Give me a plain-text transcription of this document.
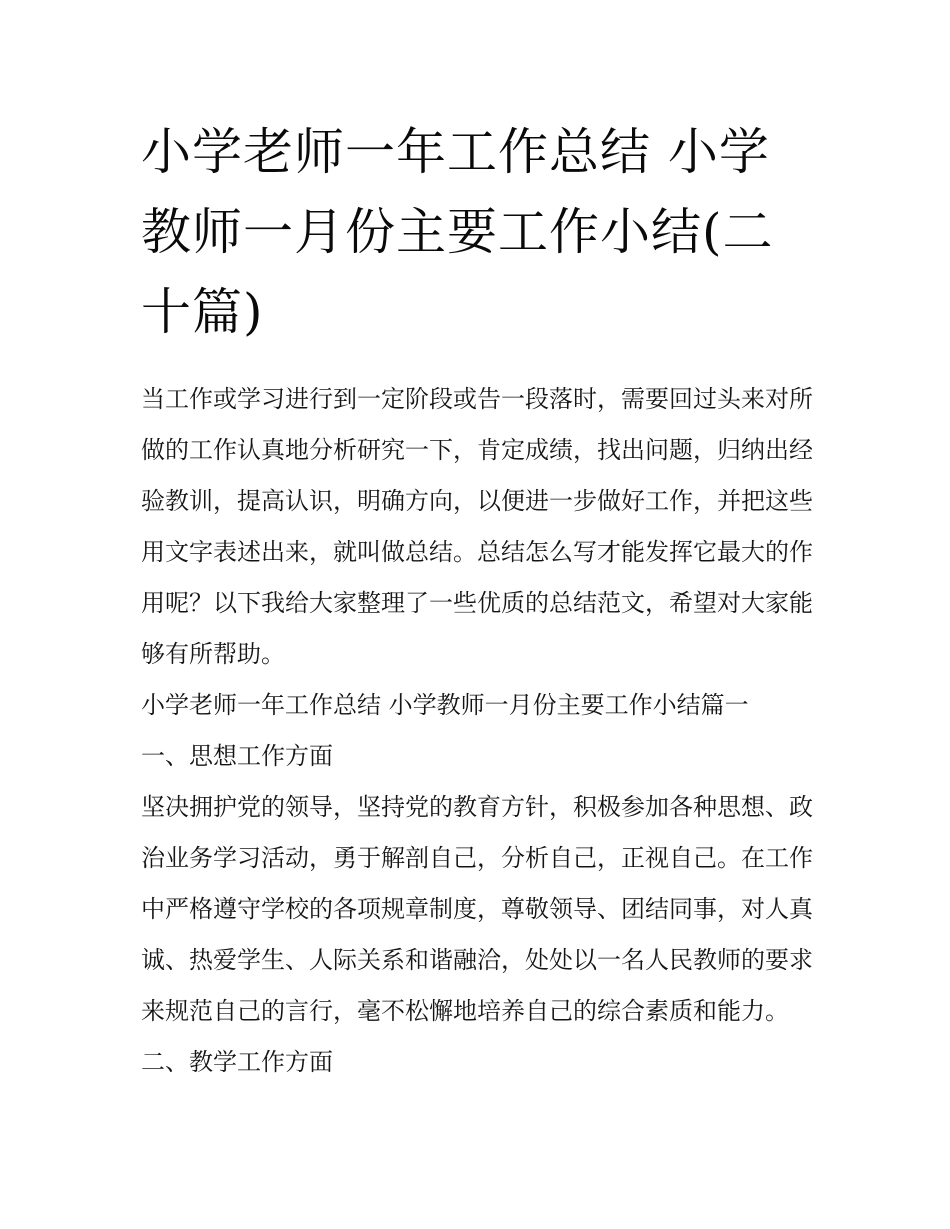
小学老师一年工作总结 小学教师一月份主要工作小结(二十篇)

当工作或学习进行到一定阶段或告一段落时，需要回过头来对所做的工作认真地分析研究一下，肯定成绩，找出问题，归纳出经验教训，提高认识，明确方向，以便进一步做好工作，并把这些用文字表述出来，就叫做总结。总结怎么写才能发挥它最大的作用呢？以下我给大家整理了一些优质的总结范文，希望对大家能够有所帮助。

小学老师一年工作总结 小学教师一月份主要工作小结篇一

一、思想工作方面

坚决拥护党的领导，坚持党的教育方针，积极参加各种思想、政治业务学习活动，勇于解剖自己，分析自己，正视自己。在工作中严格遵守学校的各项规章制度，尊敬领导、团结同事，对人真诚、热爱学生、人际关系和谐融洽，处处以一名人民教师的要求来规范自己的言行，毫不松懈地培养自己的综合素质和能力。

二、教学工作方面
